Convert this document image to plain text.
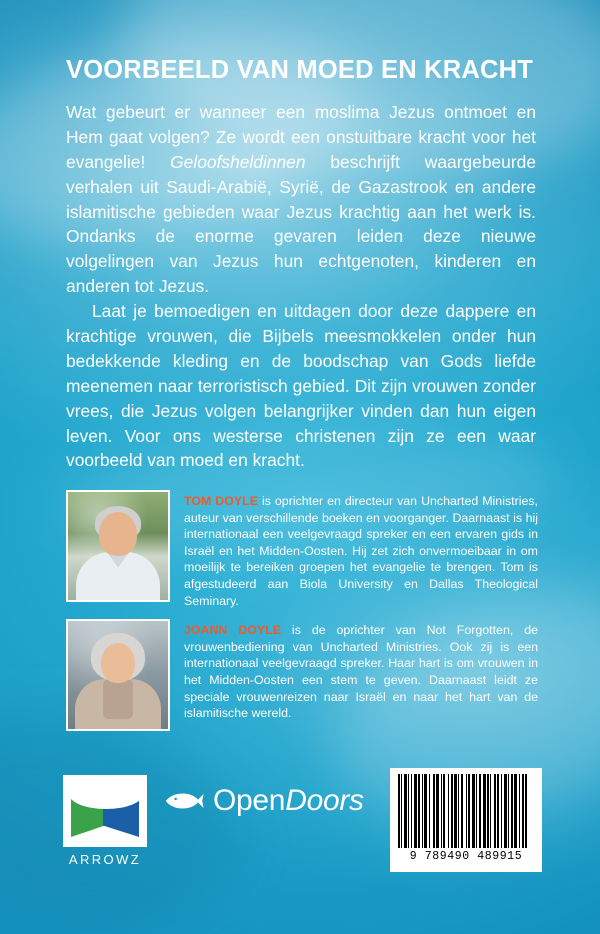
VOORBEELD VAN MOED EN KRACHT

Wat gebeurt er wanneer een moslima Jezus ontmoet en Hem gaat volgen? Ze wordt een onstuitbare kracht voor het evangelie! Geloofsheldinnen beschrijft waargebeurde verhalen uit Saudi-Arabië, Syrië, de Gazastrook en andere islamitische gebieden waar Jezus krachtig aan het werk is. Ondanks de enorme gevaren leiden deze nieuwe volgelingen van Jezus hun echtgenoten, kinderen en anderen tot Jezus.

Laat je bemoedigen en uitdagen door deze dappere en krachtige vrouwen, die Bijbels meesmokkelen onder hun bedekkende kleding en de boodschap van Gods liefde meenemen naar terroristisch gebied. Dit zijn vrouwen zonder vrees, die Jezus volgen belangrijker vinden dan hun eigen leven. Voor ons westerse christenen zijn ze een waar voorbeeld van moed en kracht.

TOM DOYLE is oprichter en directeur van Uncharted Ministries, auteur van verschillende boeken en voorganger. Daarnaast is hij internationaal een veelgevraagd spreker en een ervaren gids in Israël en het Midden-Oosten. Hij zet zich onvermoeibaar in om moeilijk te bereiken groepen het evangelie te brengen. Tom is afgestudeerd aan Biola University en Dallas Theological Seminary.
JOANN DOYLE is de oprichter van Not Forgotten, de vrouwenbediening van Uncharted Ministries. Ook zij is een internationaal veelgevraagd spreker. Haar hart is om vrouwen in het Midden-Oosten een stem te geven. Daarnaast leidt ze speciale vrouwenreizen naar Israël en naar het hart van de islamitische wereld.
ARROWZ
OpenDoors
9 789490 489915
